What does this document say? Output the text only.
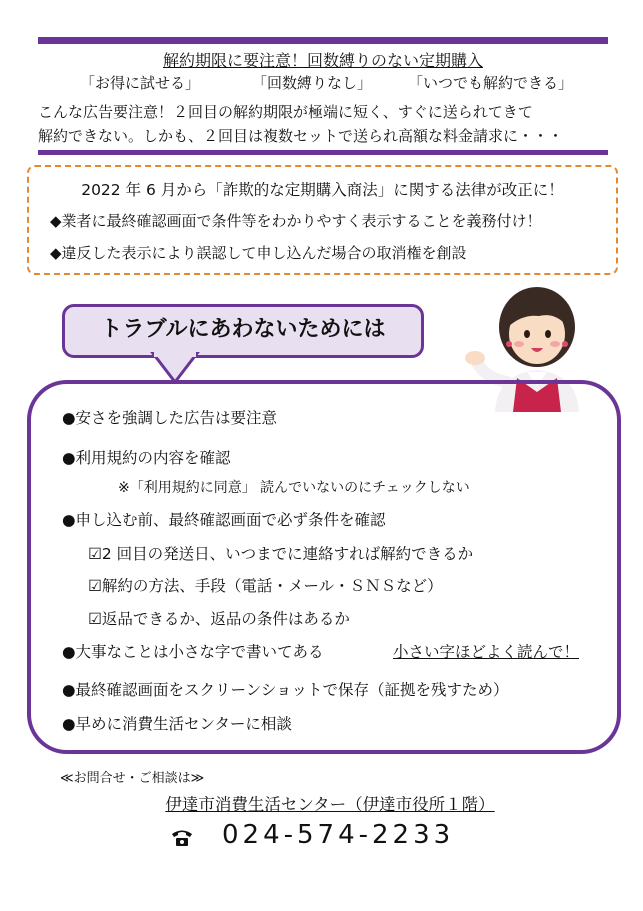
解約期限に要注意！回数縛りのない定期購入
「お得に試せる」	「回数縛りなし」 「いつでも解約できる」
こんな広告要注意！２回目の解約期限が極端に短く、すぐに送られてきて
解約できない。しかも、２回目は複数セットで送られ高額な料金請求に・・・
2022 年 6 月から「詐欺的な定期購入商法」に関する法律が改正に！
◆業者に最終確認画面で条件等をわかりやすく表示することを義務付け！
◆違反した表示により誤認して申し込んだ場合の取消権を創設
トラブルにあわないためには
●安さを強調した広告は要注意
●利用規約の内容を確認
※「利用規約に同意」 読んでいないのにチェックしない
●申し込む前、最終確認画面で必ず条件を確認
☑2 回目の発送日、いつまでに連絡すれば解約できるか
☑解約の方法、手段（電話・メール・ＳＮＳなど）
☑返品できるか、返品の条件はあるか
●大事なことは小さな字で書いてある	小さい字ほどよく読んで！
●最終確認画面をスクリーンショットで保存（証拠を残すため）
●早めに消費生活センターに相談
≪お問合せ・ご相談は≫
伊達市消費生活センター（伊達市役所１階）
024-574-2233
